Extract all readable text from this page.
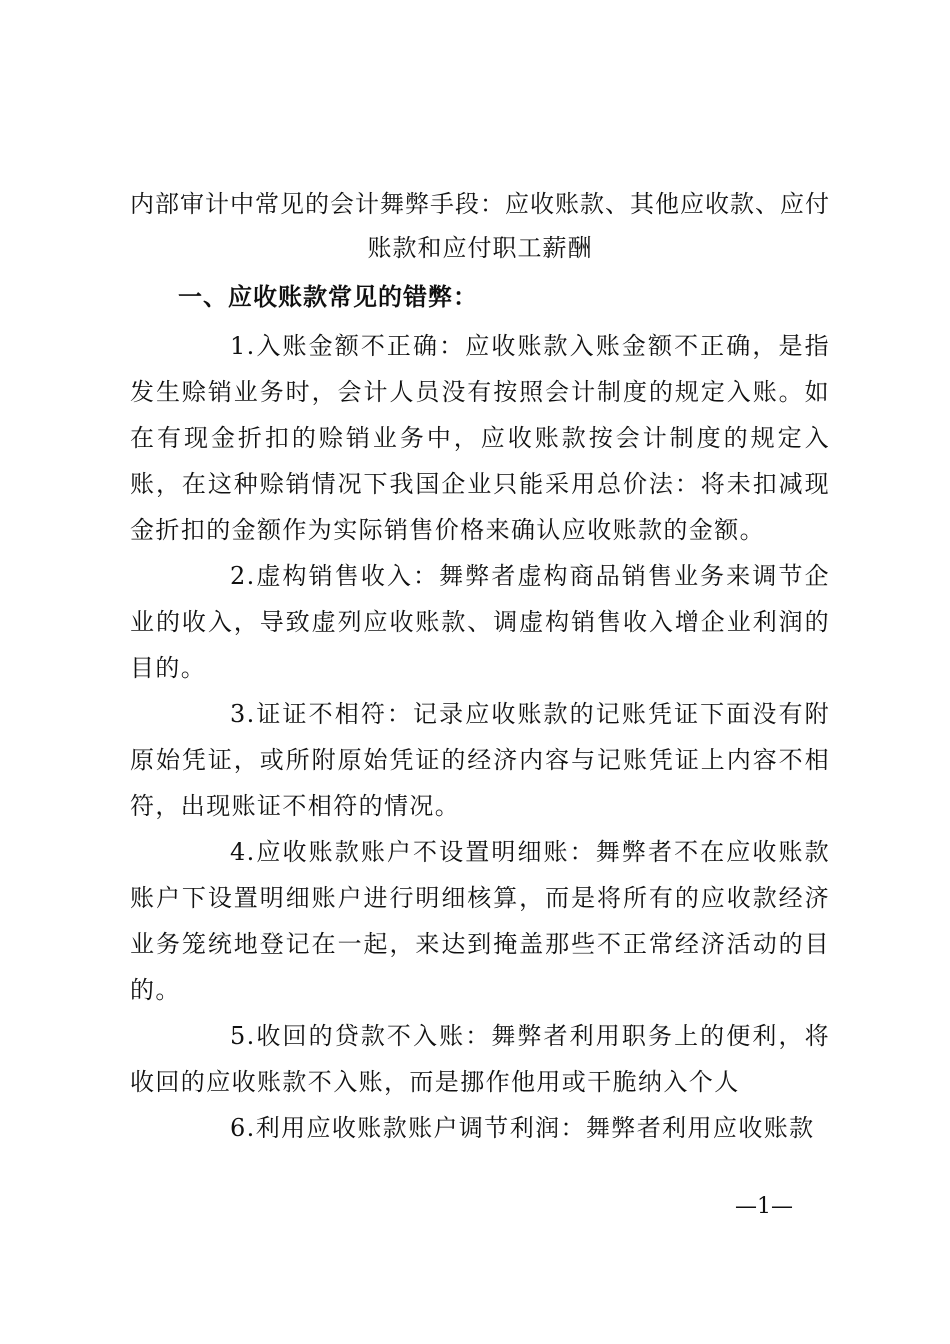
内部审计中常见的会计舞弊手段：应收账款、其他应收款、应付账款和应付职工薪酬
一、应收账款常见的错弊：

1.入账金额不正确：应收账款入账金额不正确，是指发生赊销业务时，会计人员没有按照会计制度的规定入账。如在有现金折扣的赊销业务中，应收账款按会计制度的规定入账，在这种赊销情况下我国企业只能采用总价法：将未扣减现金折扣的金额作为实际销售价格来确认应收账款的金额。

2.虚构销售收入：舞弊者虚构商品销售业务来调节企业的收入，导致虚列应收账款、调虚构销售收入增企业利润的目的。

3.证证不相符：记录应收账款的记账凭证下面没有附原始凭证，或所附原始凭证的经济内容与记账凭证上内容不相符，出现账证不相符的情况。

4.应收账款账户不设置明细账：舞弊者不在应收账款账户下设置明细账户进行明细核算，而是将所有的应收款经济业务笼统地登记在一起，来达到掩盖那些不正常经济活动的目的。

5.收回的贷款不入账：舞弊者利用职务上的便利，将收回的应收账款不入账，而是挪作他用或干脆纳入个人

6.利用应收账款账户调节利润：舞弊者利用应收账款

—1—
